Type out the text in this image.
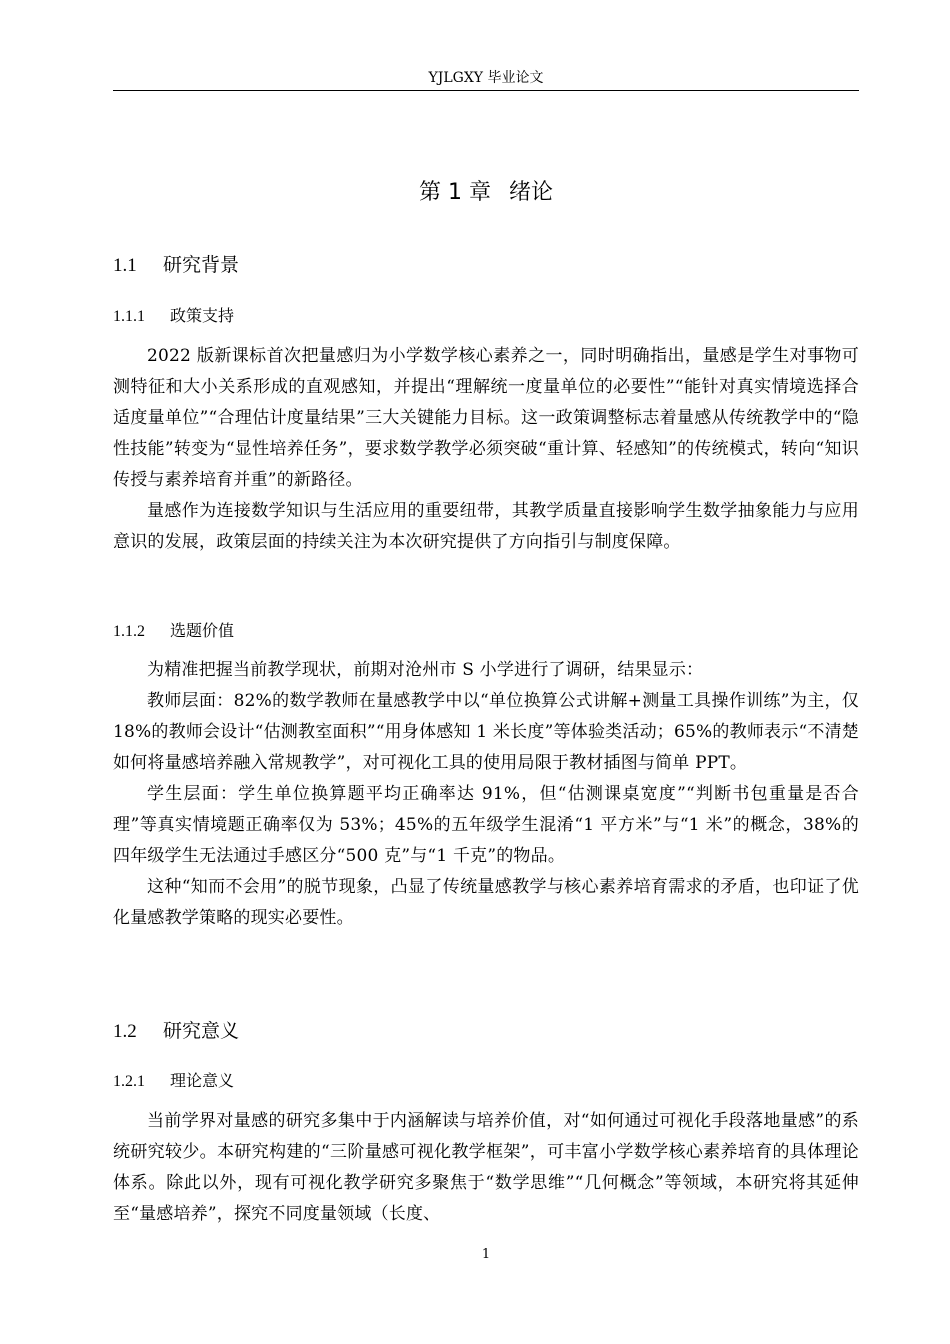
YJLGXY 毕业论文
第 1 章 绪论
1.1 研究背景
1.1.1 政策支持

2022 版新课标首次把量感归为小学数学核心素养之一，同时明确指出，量感是学生对事物可测特征和大小关系形成的直观感知，并提出“理解统一度量单位的必要性”“能针对真实情境选择合适度量单位”“合理估计度量结果”三大关键能力目标。这一政策调整标志着量感从传统教学中的“隐性技能”转变为“显性培养任务”，要求数学教学必须突破“重计算、轻感知”的传统模式，转向“知识传授与素养培育并重”的新路径。

量感作为连接数学知识与生活应用的重要纽带，其教学质量直接影响学生数学抽象能力与应用意识的发展，政策层面的持续关注为本次研究提供了方向指引与制度保障。

1.1.2 选题价值

为精准把握当前教学现状，前期对沧州市 S 小学进行了调研，结果显示：

教师层面：82%的数学教师在量感教学中以“单位换算公式讲解+测量工具操作训练”为主，仅 18%的教师会设计“估测教室面积”“用身体感知 1 米长度”等体验类活动；65%的教师表示“不清楚如何将量感培养融入常规教学”，对可视化工具的使用局限于教材插图与简单 PPT。

学生层面：学生单位换算题平均正确率达 91%，但“估测课桌宽度”“判断书包重量是否合理”等真实情境题正确率仅为 53%；45%的五年级学生混淆“1 平方米”与“1 米”的概念，38%的四年级学生无法通过手感区分“500 克”与“1 千克”的物品。

这种“知而不会用”的脱节现象，凸显了传统量感教学与核心素养培育需求的矛盾，也印证了优化量感教学策略的现实必要性。

1.2 研究意义
1.2.1 理论意义

当前学界对量感的研究多集中于内涵解读与培养价值，对“如何通过可视化手段落地量感”的系统研究较少。本研究构建的“三阶量感可视化教学框架”，可丰富小学数学核心素养培育的具体理论体系。除此以外，现有可视化教学研究多聚焦于“数学思维”“几何概念”等领域，本研究将其延伸至“量感培养”，探究不同度量领域（长度、

1
